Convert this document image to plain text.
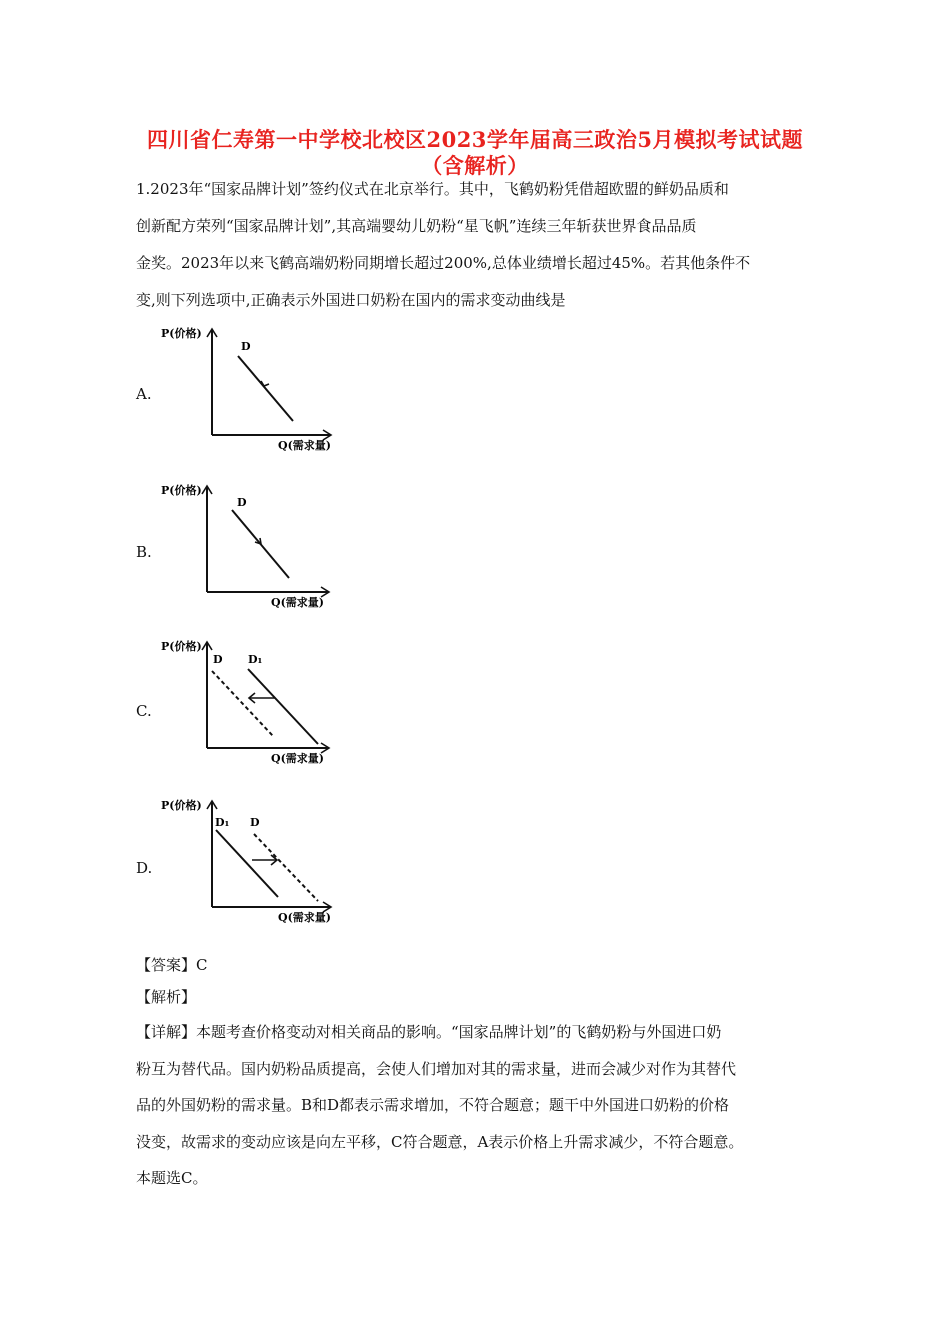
四川省仁寿第一中学校北校区2023学年届高三政治5月模拟考试试题
（含解析）
1.2023年“国家品牌计划”签约仪式在北京举行。其中，飞鹤奶粉凭借超欧盟的鲜奶品质和
创新配方荣列“国家品牌计划”,其高端婴幼儿奶粉“星飞帆”连续三年斩获世界食品品质
金奖。2023年以来飞鹤高端奶粉同期增长超过200%,总体业绩增长超过45%。若其他条件不
变,则下列选项中,正确表示外国进口奶粉在国内的需求变动曲线是
A.
P(价格)
Q(需求量)
D
B.
P(价格)
Q(需求量)
D
C.
P(价格)
Q(需求量)
D D₁
D.
P(价格)
Q(需求量)
D₁ D
【答案】C
【解析】
【详解】本题考查价格变动对相关商品的影响。“国家品牌计划”的飞鹤奶粉与外国进口奶
粉互为替代品。国内奶粉品质提高，会使人们增加对其的需求量，进而会减少对作为其替代
品的外国奶粉的需求量。B和D都表示需求增加，不符合题意；题干中外国进口奶粉的价格
没变，故需求的变动应该是向左平移，C符合题意，A表示价格上升需求减少，不符合题意。
本题选C。
